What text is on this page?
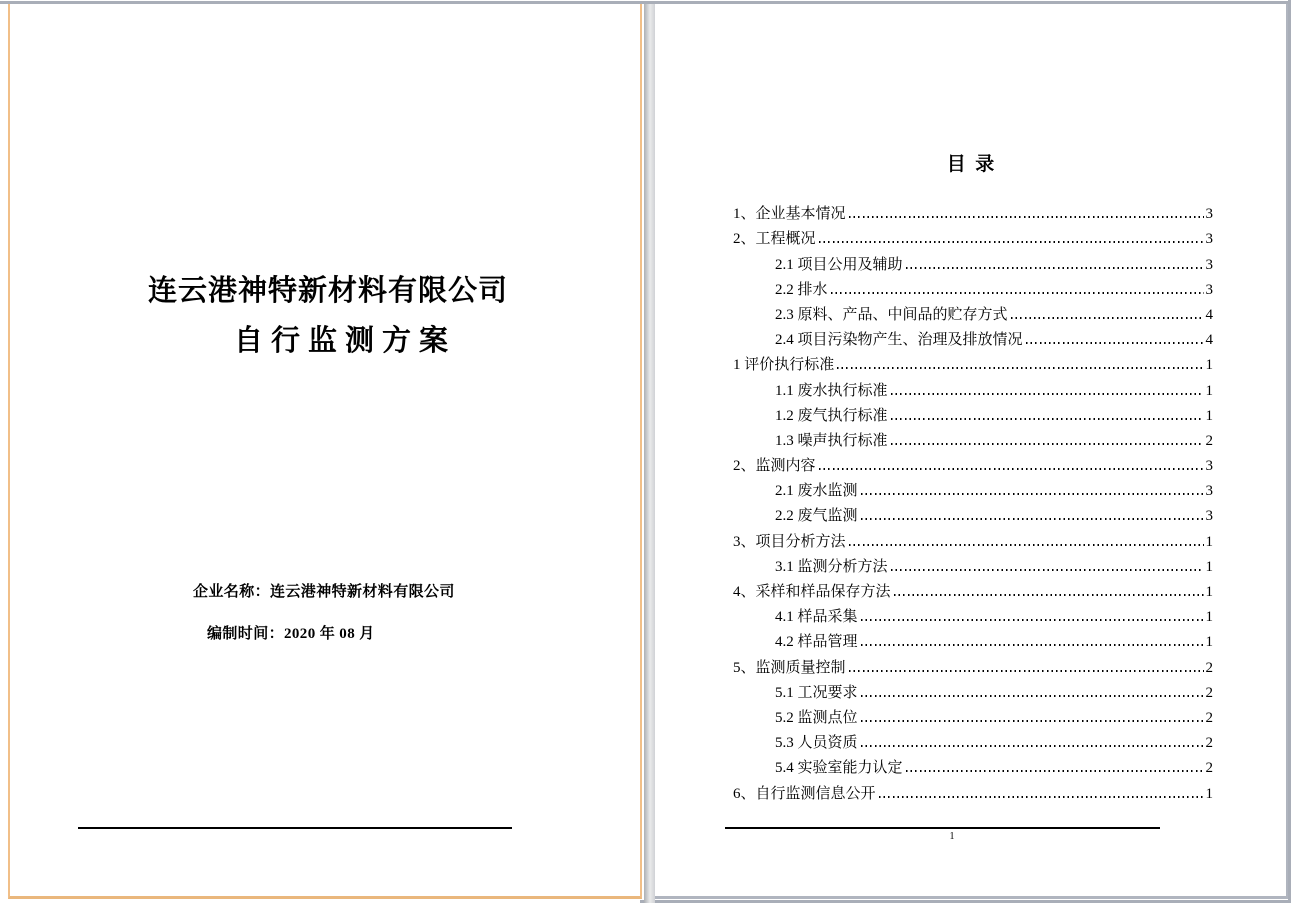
连云港神特新材料有限公司
自行监测方案
企业名称：连云港神特新材料有限公司
编制时间：2020 年 08 月
目  录
1、企业基本情况	3
2、工程概况	3
2.1 项目公用及辅助	3
2.2 排水	3
2.3 原料、产品、中间品的贮存方式	4
2.4 项目污染物产生、治理及排放情况	4
1 评价执行标准	1
1.1 废水执行标准	1
1.2 废气执行标准	1
1.3 噪声执行标准	2
2、监测内容	3
2.1 废水监测	3
2.2 废气监测	3
3、项目分析方法	1
3.1 监测分析方法	1
4、采样和样品保存方法	1
4.1 样品采集	1
4.2 样品管理	1
5、监测质量控制	2
5.1 工况要求	2
5.2 监测点位	2
5.3 人员资质	2
5.4 实验室能力认定	2
6、自行监测信息公开	1
1
